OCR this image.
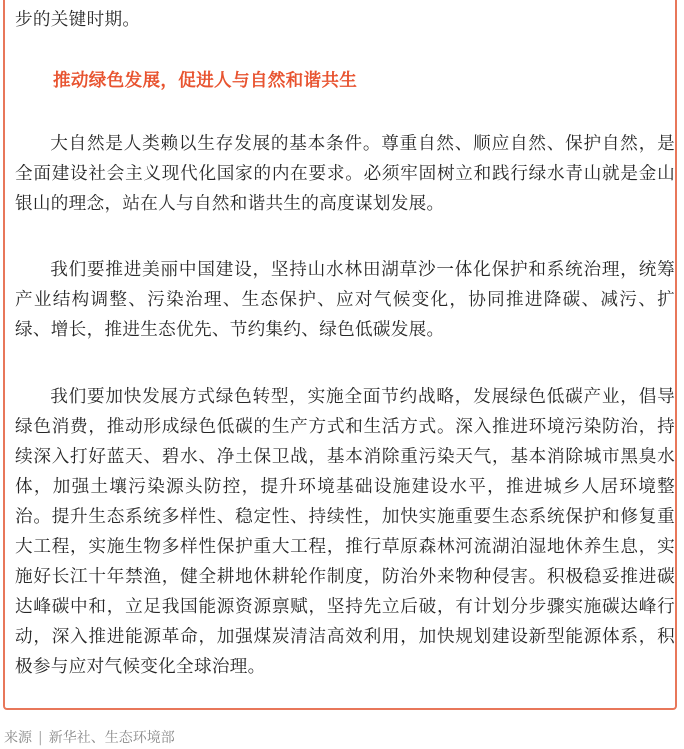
步的关键时期。
推动绿色发展，促进人与自然和谐共生

大自然是人类赖以生存发展的基本条件。尊重自然、顺应自然、保护自然，是全面建设社会主义现代化国家的内在要求。必须牢固树立和践行绿水青山就是金山银山的理念，站在人与自然和谐共生的高度谋划发展。

我们要推进美丽中国建设，坚持山水林田湖草沙一体化保护和系统治理，统筹产业结构调整、污染治理、生态保护、应对气候变化，协同推进降碳、减污、扩绿、增长，推进生态优先、节约集约、绿色低碳发展。

我们要加快发展方式绿色转型，实施全面节约战略，发展绿色低碳产业，倡导绿色消费，推动形成绿色低碳的生产方式和生活方式。深入推进环境污染防治，持续深入打好蓝天、碧水、净土保卫战，基本消除重污染天气，基本消除城市黑臭水体，加强土壤污染源头防控，提升环境基础设施建设水平，推进城乡人居环境整治。提升生态系统多样性、稳定性、持续性，加快实施重要生态系统保护和修复重大工程，实施生物多样性保护重大工程，推行草原森林河流湖泊湿地休养生息，实施好长江十年禁渔，健全耕地休耕轮作制度，防治外来物种侵害。积极稳妥推进碳达峰碳中和，立足我国能源资源禀赋，坚持先立后破，有计划分步骤实施碳达峰行动，深入推进能源革命，加强煤炭清洁高效利用，加快规划建设新型能源体系，积极参与应对气候变化全球治理。

来源 | 新华社、生态环境部
